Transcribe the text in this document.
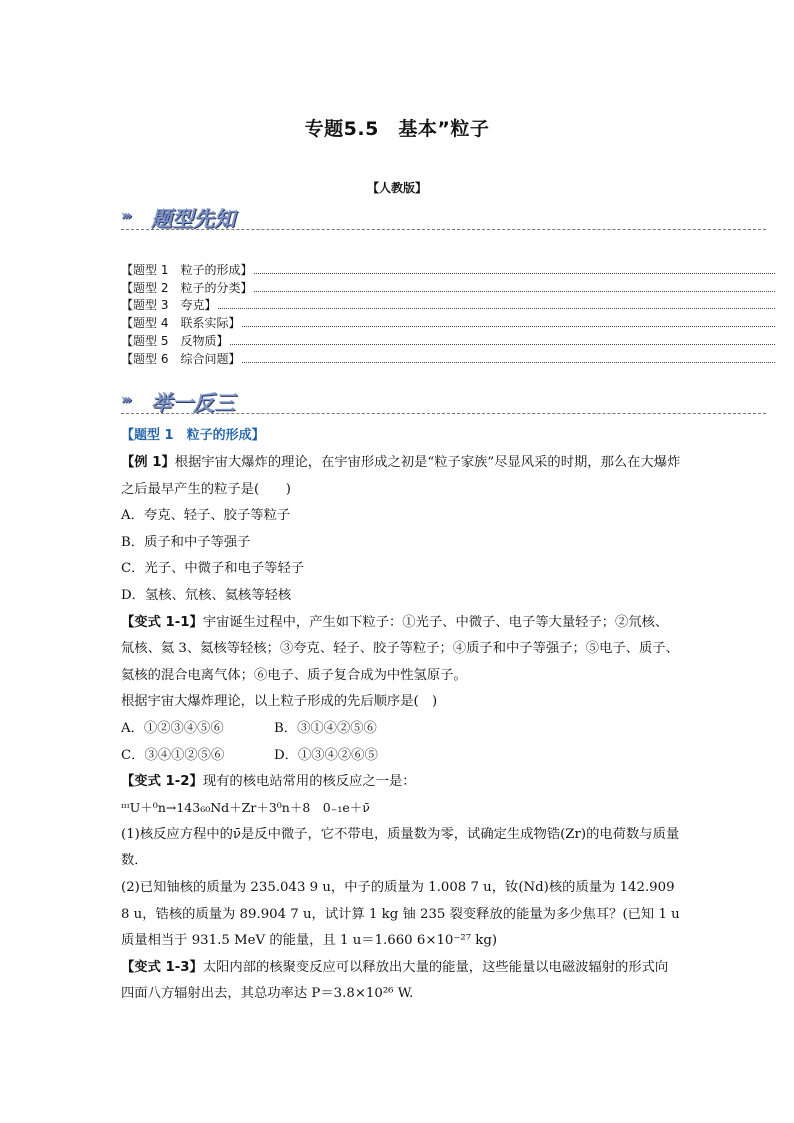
专题5.5　基本”粒子
【人教版】
››› 题型先知
【题型 1　粒子的形成】
【题型 2　粒子的分类】
【题型 3　夸克】
【题型 4　联系实际】
【题型 5　反物质】
【题型 6　综合问题】
››› 举一反三
【题型 1　粒子的形成】
【例 1】根据宇宙大爆炸的理论，在宇宙形成之初是“粒子家族”尽显风采的时期，那么在大爆炸之后最早产生的粒子是(　　)
A．夸克、轻子、胶子等粒子
B．质子和中子等强子
C．光子、中微子和电子等轻子
D．氢核、氘核、氦核等轻核
【变式 1-1】宇宙诞生过程中，产生如下粒子：①光子、中微子、电子等大量轻子；②氘核、氚核、氦 3、氦核等轻核；③夸克、轻子、胶子等粒子；④质子和中子等强子；⑤电子、质子、氦核的混合电离气体；⑥电子、质子复合成为中性氢原子。
根据宇宙大爆炸理论，以上粒子形成的先后顺序是(　)
A．①②③④⑤⑥	B．③①④②⑤⑥
C．③④①②⑤⑥	D．①③④②⑥⑤
【变式 1-2】现有的核电站常用的核反应之一是：
ᶦᶦᶦU＋⁰n→143₆₀Nd＋Zr＋3⁰n＋8　0₋₁e＋ν̄
(1)核反应方程中的ν̄是反中微子，它不带电，质量数为零，试确定生成物锆(Zr)的电荷数与质量数．
(2)已知铀核的质量为 235.043 9 u，中子的质量为 1.008 7 u，钕(Nd)核的质量为 142.909 8 u，锆核的质量为 89.904 7 u，试计算 1 kg 铀 235 裂变释放的能量为多少焦耳？(已知 1 u 质量相当于 931.5 MeV 的能量，且 1 u＝1.660 6×10⁻²⁷ kg)
【变式 1-3】太阳内部的核聚变反应可以释放出大量的能量，这些能量以电磁波辐射的形式向四面八方辐射出去，其总功率达 P＝3.8×10²⁶ W.
